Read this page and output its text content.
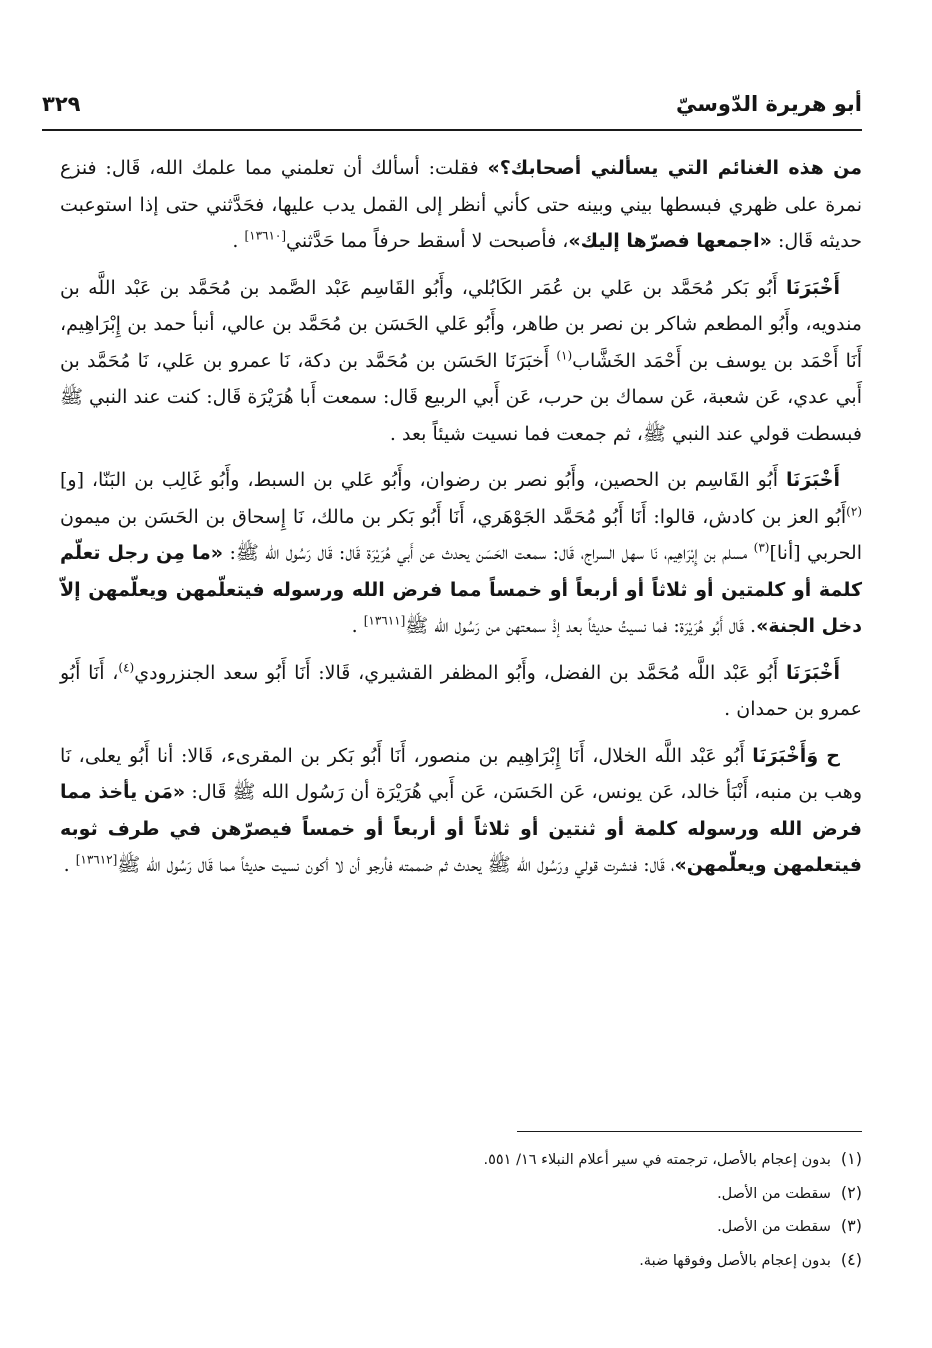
أبو هريرة الدّوسيّ
٣٢٩

من هذه الغنائم التي يسألني أصحابك؟» فقلت: أسألك أن تعلمني مما علمك الله، قَال: فنزع نمرة على ظهري فبسطها بيني وبينه حتى كأني أنظر إلى القمل يدب عليها، فحَدَّثني حتى إذا استوعبت حديثه قَال: «اجمعها فصرّها إليك»، فأصبحت لا أسقط حرفاً مما حَدَّثني[١٣٦١٠] .

أَخْبَرَنَا أَبُو بَكر مُحَمَّد بن عَلي بن عُمَر الكَابُلي، وأَبُو القَاسِم عَبْد الصَّمد بن مُحَمَّد بن عَبْد اللَّه بن مندويه، وأَبُو المطعم شاكر بن نصر بن طاهر، وأَبُو عَلي الحَسَن بن مُحَمَّد بن عالي، أنبأ حمد بن إِبْرَاهِيم، أَنَا أَحْمَد بن يوسف بن أَحْمَد الخَشَّاب$^{(١)}$ أَخبَرَنَا الحَسَن بن مُحَمَّد بن دكة، نَا عمرو بن عَلي، نَا مُحَمَّد بن أَبي عدي، عَن شعبة، عَن سماك بن حرب، عَن أَبي الربيع قَال: سمعت أَبا هُرَيْرَة قَال: كنت عند النبي ﷺ فبسطت قولي عند النبي ﷺ، ثم جمعت فما نسيت شيئاً بعد .

أَخْبَرَنَا أَبُو القَاسِم بن الحصين، وأَبُو نصر بن رضوان، وأَبُو عَلي بن السبط، وأَبُو غَالِب بن البَنّا، [و]$^{(٢)}$أَبُو العز بن كادش، قالوا: أَنَا أَبُو مُحَمَّد الجَوْهَري، أَنَا أَبُو بَكر بن مالك، نَا إِسحاق بن الحَسَن بن ميمون الحربي [أنا]$^{(٣)}$ مسلم بن إِبْرَاهِيم، نَا سهل السراج، قَال: سمعت الحَسَن يحدث عن أَبي هُرَيْرَة قَال: قَال رَسُول الله ﷺ: «ما مِن رجل تعلّم كلمة أو كلمتين أو ثلاثاً أو أربعاً أو خمساً مما فرض الله ورسوله فيتعلّمهن ويعلّمهن إلاّ دخل الجنة». قَال أَبُو هُرَيْرَة: فما نسيتُ حديثاً بعد إذْ سمعتهن من رَسُول الله ﷺ[١٣٦١١] .

أَخْبَرَنَا أَبُو عَبْد اللَّه مُحَمَّد بن الفضل، وأَبُو المظفر القشيري، قَالا: أَنَا أَبُو سعد الجنزرودي$^{(٤)}$، أَنَا أَبُو عمرو بن حمدان .

ح وَأَخْبَرَنَا أَبُو عَبْد اللَّه الخلال، أَنَا إِبْرَاهِيم بن منصور، أَنَا أَبُو بَكر بن المقرىء، قَالا: أنا أَبُو يعلى، نَا وهب بن منبه، أَنْبَأ خالد، عَن يونس، عَن الحَسَن، عَن أَبي هُرَيْرَة أن رَسُول الله ﷺ قَال: «مَن يأخذ مما فرض الله ورسوله كلمة أو ثنتين أو ثلاثاً أو أربعاً أو خمساً فيصرّهن في طرف ثوبه فيتعلمهن ويعلّمهن»، قَال: فنشرت قولي ورَسُول الله ﷺ يحدث ثم ضممته فأرجو أن لا أكون نسيت حديثاً مما قَال رَسُول الله ﷺ[١٣٦١٢] .

(١)بدون إعجام بالأصل، ترجمته في سير أعلام النبلاء ١٦/ ٥٥١.
(٢)سقطت من الأصل.
(٣)سقطت من الأصل.
(٤)بدون إعجام بالأصل وفوقها ضبة.
